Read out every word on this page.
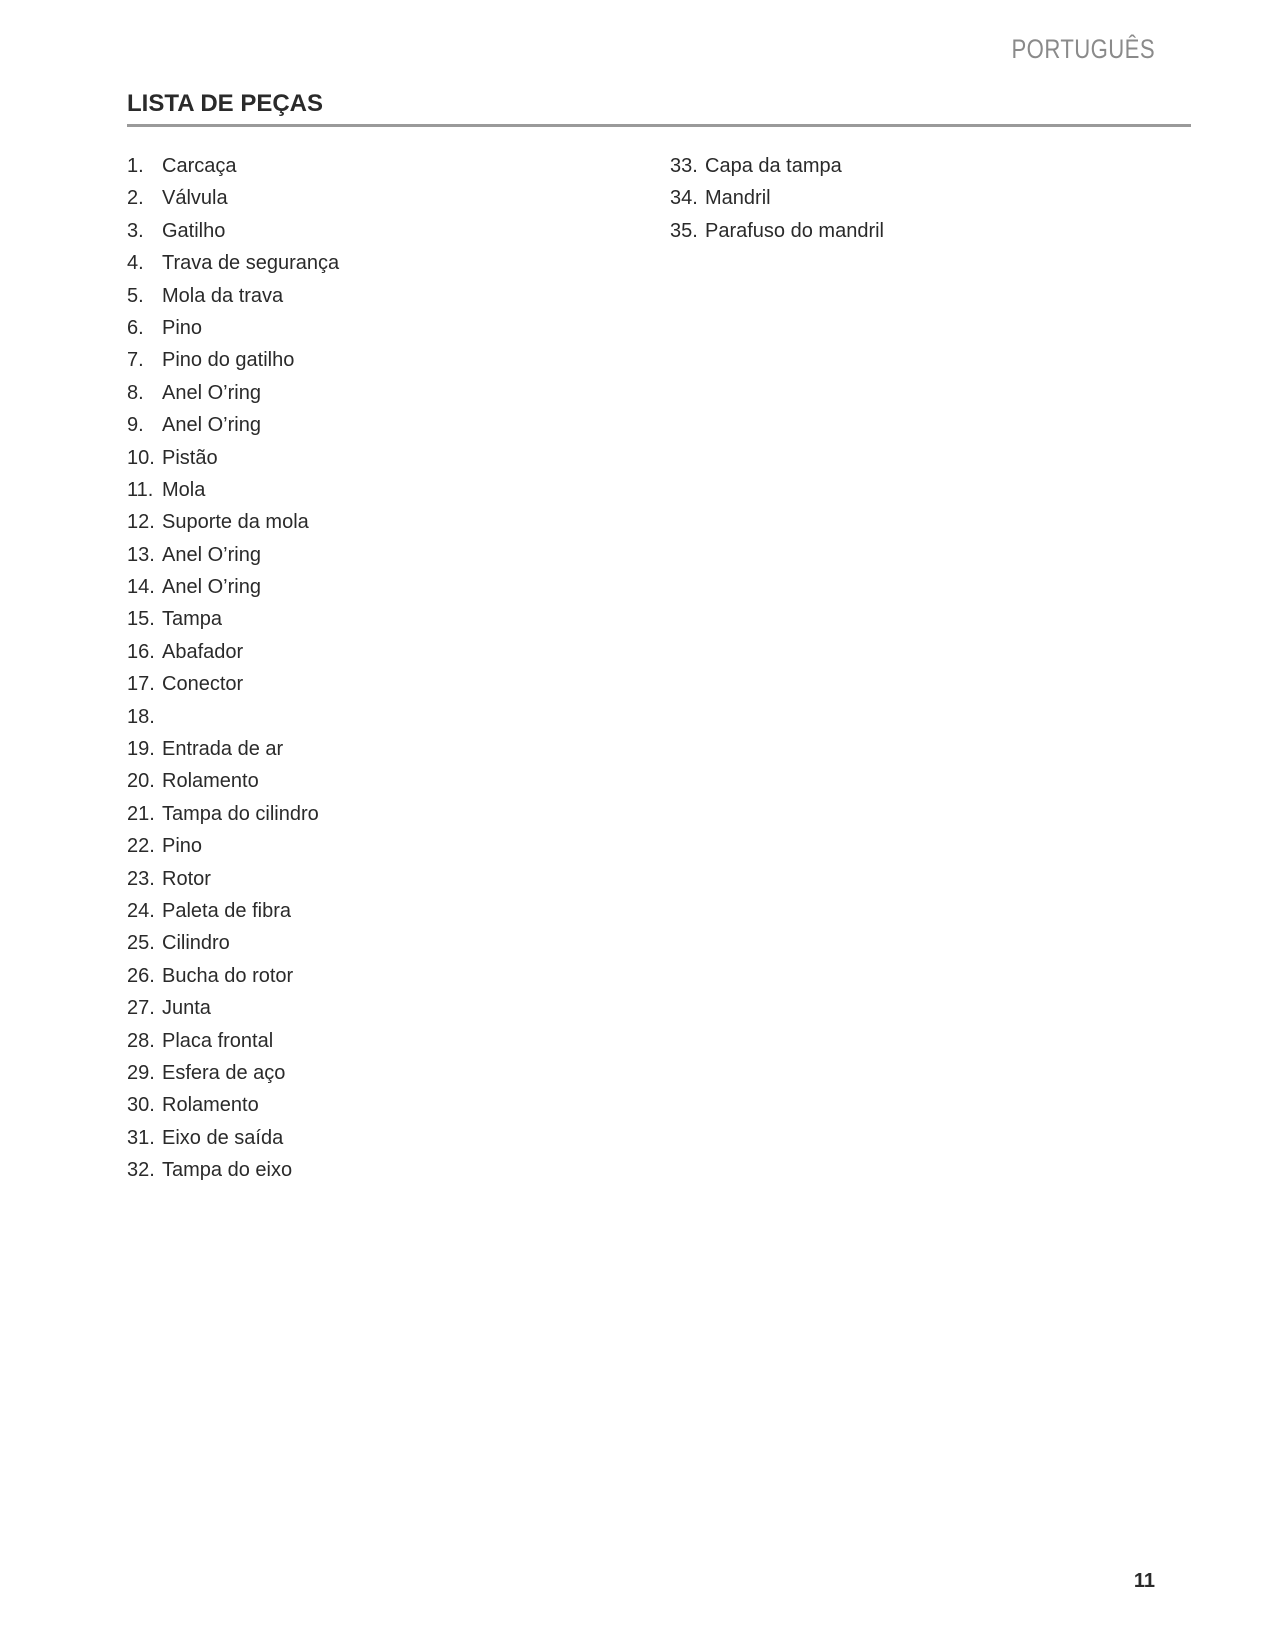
PORTUGUÊS
LISTA DE PEÇAS
1. Carcaça
2. Válvula
3. Gatilho
4. Trava de segurança
5. Mola da trava
6. Pino
7. Pino do gatilho
8. Anel O’ring
9. Anel O’ring
10. Pistão
11. Mola
12. Suporte da mola
13. Anel O’ring
14. Anel O’ring
15. Tampa
16. Abafador
17. Conector
18.
19. Entrada de ar
20. Rolamento
21. Tampa do cilindro
22. Pino
23. Rotor
24. Paleta de fibra
25. Cilindro
26. Bucha do rotor
27. Junta
28. Placa frontal
29. Esfera de aço
30. Rolamento
31. Eixo de saída
32. Tampa do eixo
33. Capa da tampa
34. Mandril
35. Parafuso do mandril
11
